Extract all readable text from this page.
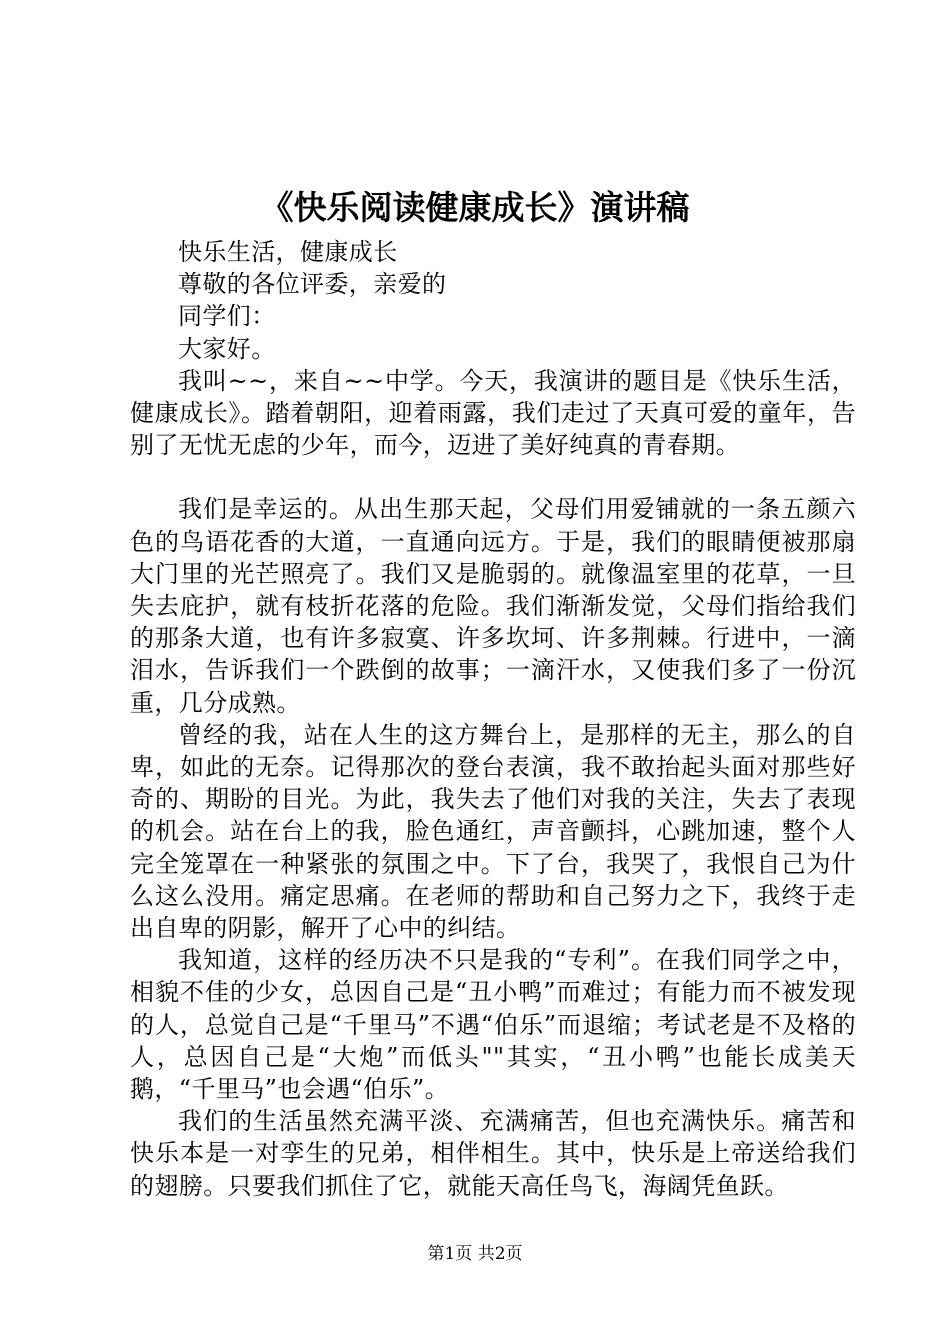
《快乐阅读健康成长》演讲稿

快乐生活，健康成长

尊敬的各位评委，亲爱的

同学们：

大家好。

我叫~~，来自~~中学。今天，我演讲的题目是《快乐生活，健康成长》。踏着朝阳，迎着雨露，我们走过了天真可爱的童年，告别了无忧无虑的少年，而今，迈进了美好纯真的青春期。

我们是幸运的。从出生那天起，父母们用爱铺就的一条五颜六色的鸟语花香的大道，一直通向远方。于是，我们的眼睛便被那扇大门里的光芒照亮了。我们又是脆弱的。就像温室里的花草，一旦失去庇护，就有枝折花落的危险。我们渐渐发觉，父母们指给我们的那条大道，也有许多寂寞、许多坎坷、许多荆棘。行进中，一滴泪水，告诉我们一个跌倒的故事；一滴汗水，又使我们多了一份沉重，几分成熟。

曾经的我，站在人生的这方舞台上，是那样的无主，那么的自卑，如此的无奈。记得那次的登台表演，我不敢抬起头面对那些好奇的、期盼的目光。为此，我失去了他们对我的关注，失去了表现的机会。站在台上的我，脸色通红，声音颤抖，心跳加速，整个人完全笼罩在一种紧张的氛围之中。下了台，我哭了，我恨自己为什么这么没用。痛定思痛。在老师的帮助和自己努力之下，我终于走出自卑的阴影，解开了心中的纠结。

我知道，这样的经历决不只是我的“专利”。在我们同学之中，相貌不佳的少女，总因自己是“丑小鸭”而难过；有能力而不被发现的人，总觉自己是“千里马”不遇“伯乐”而退缩；考试老是不及格的人，总因自己是“大炮”而低头""其实，“丑小鸭”也能长成美天鹅，“千里马”也会遇“伯乐”。

我们的生活虽然充满平淡、充满痛苦，但也充满快乐。痛苦和快乐本是一对孪生的兄弟，相伴相生。其中，快乐是上帝送给我们的翅膀。只要我们抓住了它，就能天高任鸟飞，海阔凭鱼跃。

第1页 共2页
